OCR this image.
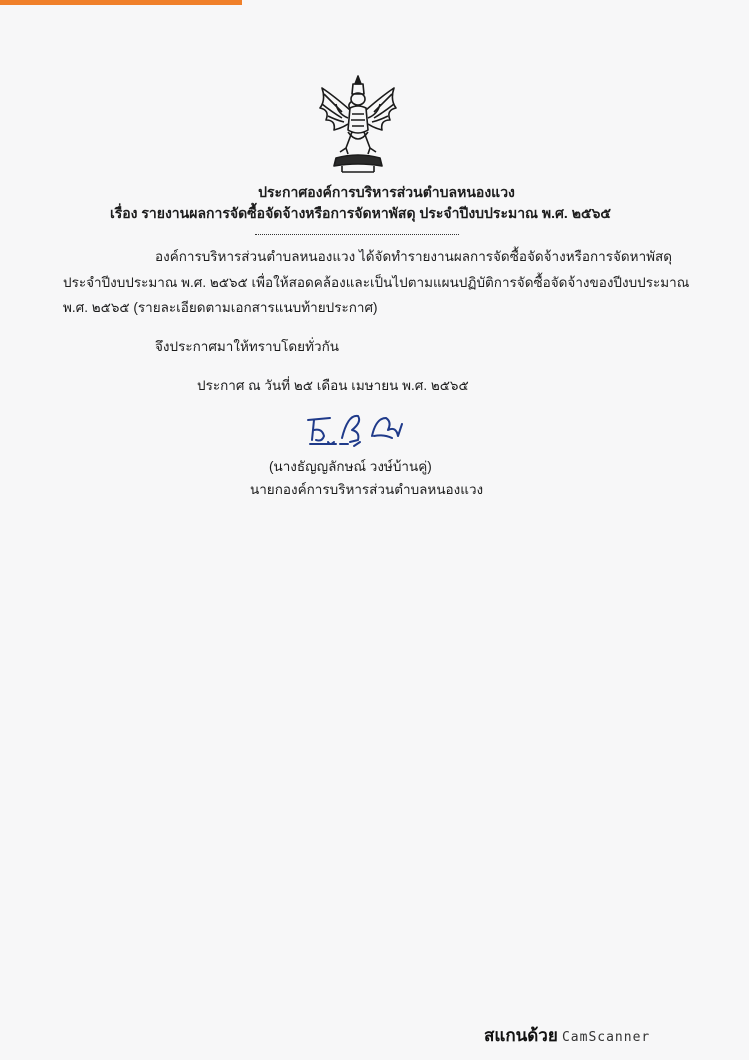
ประกาศองค์การบริหารส่วนตำบลหนองแวง
เรื่อง รายงานผลการจัดซื้อจัดจ้างหรือการจัดหาพัสดุ ประจำปีงบประมาณ พ.ศ. ๒๕๖๕
องค์การบริหารส่วนตำบลหนองแวง ได้จัดทำรายงานผลการจัดซื้อจัดจ้างหรือการจัดหาพัสดุ
ประจำปีงบประมาณ พ.ศ. ๒๕๖๕ เพื่อให้สอดคล้องและเป็นไปตามแผนปฏิบัติการจัดซื้อจัดจ้างของปีงบประมาณ
พ.ศ. ๒๕๖๕ (รายละเอียดตามเอกสารแนบท้ายประกาศ)
จึงประกาศมาให้ทราบโดยทั่วกัน
ประกาศ ณ วันที่ ๒๕ เดือน เมษายน พ.ศ. ๒๕๖๕
(นางธัญญลักษณ์ วงษ์บ้านคู่)
นายกองค์การบริหารส่วนตำบลหนองแวง
สแกนด้วย CamScanner
